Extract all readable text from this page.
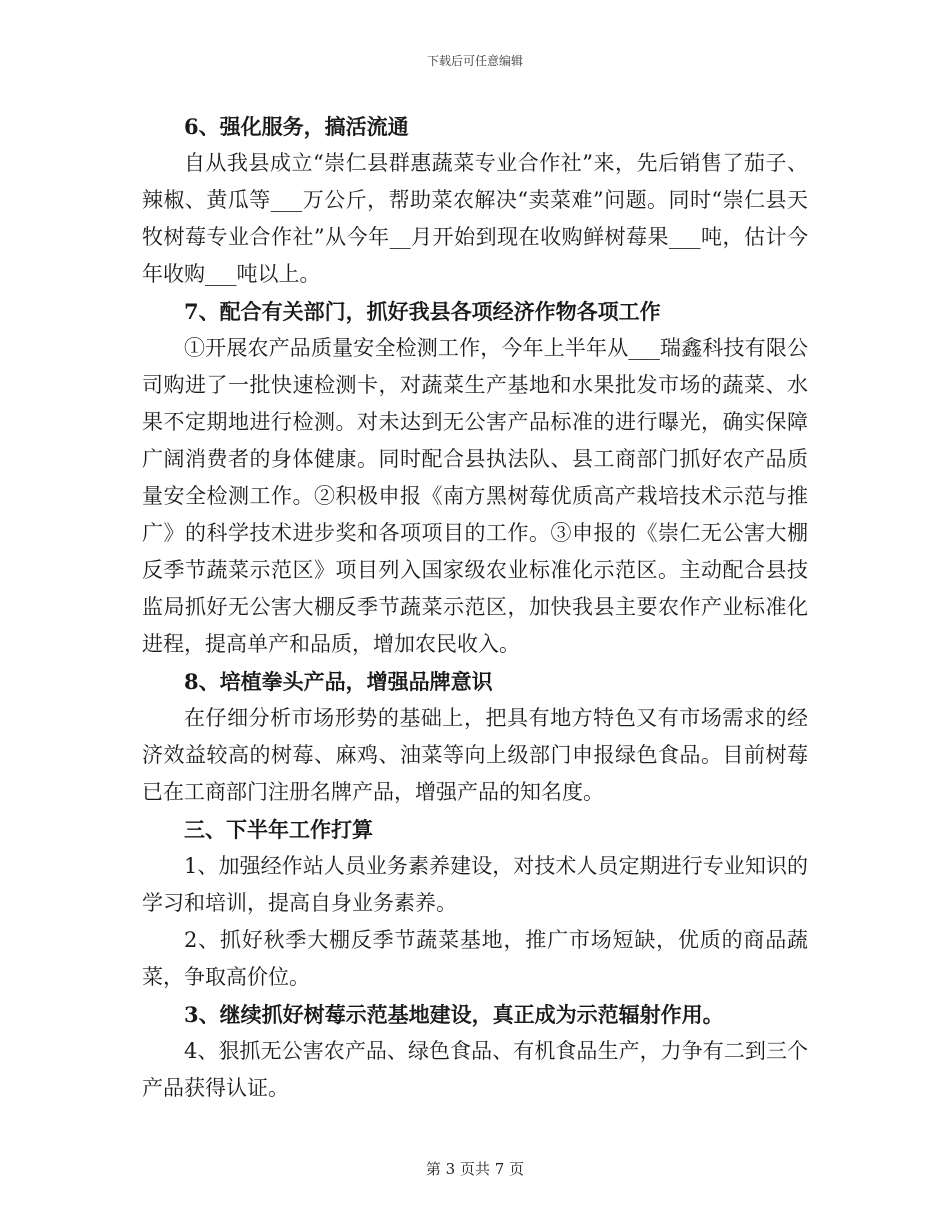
下载后可任意编辑

6、强化服务，搞活流通

自从我县成立“崇仁县群惠蔬菜专业合作社”来，先后销售了茄子、辣椒、黄瓜等___万公斤，帮助菜农解决“卖菜难”问题。同时“崇仁县天牧树莓专业合作社”从今年__月开始到现在收购鲜树莓果___吨，估计今年收购___吨以上。

7、配合有关部门，抓好我县各项经济作物各项工作

①开展农产品质量安全检测工作，今年上半年从___瑞鑫科技有限公司购进了一批快速检测卡，对蔬菜生产基地和水果批发市场的蔬菜、水果不定期地进行检测。对未达到无公害产品标准的进行曝光，确实保障广阔消费者的身体健康。同时配合县执法队、县工商部门抓好农产品质量安全检测工作。②积极申报《南方黑树莓优质高产栽培技术示范与推广》的科学技术进步奖和各项项目的工作。③申报的《崇仁无公害大棚反季节蔬菜示范区》项目列入国家级农业标准化示范区。主动配合县技监局抓好无公害大棚反季节蔬菜示范区，加快我县主要农作产业标准化进程，提高单产和品质，增加农民收入。

8、培植拳头产品，增强品牌意识

在仔细分析市场形势的基础上，把具有地方特色又有市场需求的经济效益较高的树莓、麻鸡、油菜等向上级部门申报绿色食品。目前树莓已在工商部门注册名牌产品，增强产品的知名度。

三、下半年工作打算

1、加强经作站人员业务素养建设，对技术人员定期进行专业知识的学习和培训，提高自身业务素养。

2、抓好秋季大棚反季节蔬菜基地，推广市场短缺，优质的商品蔬菜，争取高价位。

3、继续抓好树莓示范基地建设，真正成为示范辐射作用。

4、狠抓无公害农产品、绿色食品、有机食品生产，力争有二到三个产品获得认证。

第 3 页共 7 页
